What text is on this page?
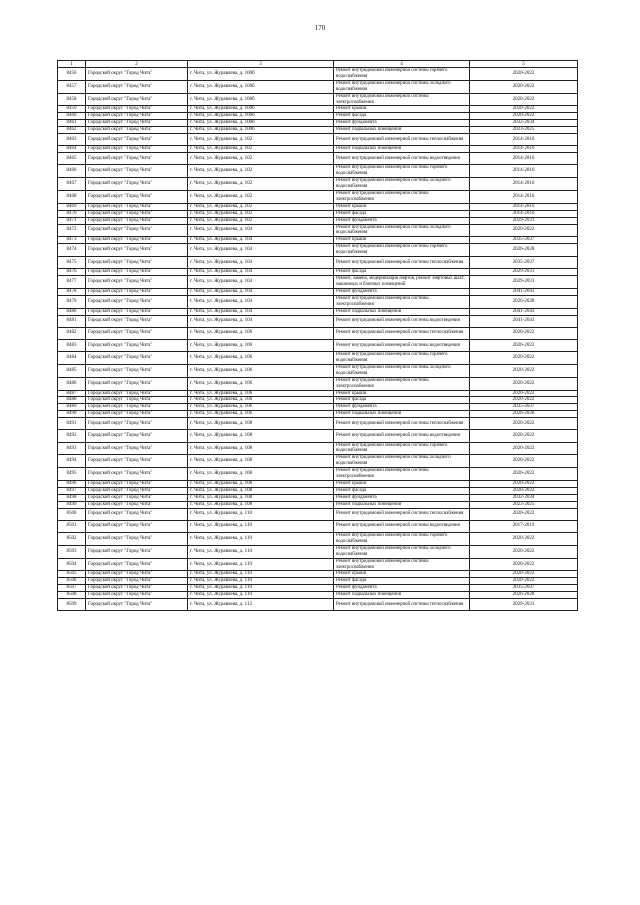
170
1	2	3	4	5
8456	Городской округ "Город Чита"	г. Чита, ул. Журавлева, д. 100б	Ремонт внутридомовой инженерной системы горячего водоснабжения	2020-2022
8457	Городской округ "Город Чита"	г. Чита, ул. Журавлева, д. 100б	Ремонт внутридомовой инженерной системы холодного водоснабжения	2020-2022
8458	Городской округ "Город Чита"	г. Чита, ул. Журавлева, д. 100б	Ремонт внутридомовой инженерной системы электроснабжения	2020-2022
8459	Городской округ "Город Чита"	г. Чита, ул. Журавлева, д. 100б	Ремонт крыши	2020-2022
8460	Городской округ "Город Чита"	г. Чита, ул. Журавлева, д. 100б	Ремонт фасада	2020-2022
8461	Городской округ "Город Чита"	г. Чита, ул. Журавлева, д. 100б	Ремонт фундамента	2032-2034
8462	Городской округ "Город Чита"	г. Чита, ул. Журавлева, д. 100б	Ремонт подвальных помещений	2023-2025
8463	Городской округ "Город Чита"	г. Чита, ул. Журавлева, д. 102	Ремонт внутридомовой инженерной системы теплоснабжения	2014-2016
8464	Городской округ "Город Чита"	г. Чита, ул. Журавлева, д. 102	Ремонт подвальных помещений	2014-2016
8465	Городской округ "Город Чита"	г. Чита, ул. Журавлева, д. 102	Ремонт внутридомовой инженерной системы водоотведения	2014-2016
8466	Городской округ "Город Чита"	г. Чита, ул. Журавлева, д. 102	Ремонт внутридомовой инженерной системы горячего водоснабжения	2014-2016
8467	Городской округ "Город Чита"	г. Чита, ул. Журавлева, д. 102	Ремонт внутридомовой инженерной системы холодного водоснабжения	2014-2016
8468	Городской округ "Город Чита"	г. Чита, ул. Журавлева, д. 102	Ремонт внутридомовой инженерной системы электроснабжения	2014-2016
8469	Городской округ "Город Чита"	г. Чита, ул. Журавлева, д. 102	Ремонт крыши	2014-2016
8470	Городской округ "Город Чита"	г. Чита, ул. Журавлева, д. 102	Ремонт фасада	2014-2016
8471	Городской округ "Город Чита"	г. Чита, ул. Журавлева, д. 102	Ремонт фундамента	2029-2031
8472	Городской округ "Город Чита"	г. Чита, ул. Журавлева, д. 104	Ремонт внутридомовой инженерной системы холодного водоснабжения	2020-2022
8473	Городской округ "Город Чита"	г. Чита, ул. Журавлева, д. 104	Ремонт крыши	2035-2037
8474	Городской округ "Город Чита"	г. Чита, ул. Журавлева, д. 104	Ремонт внутридомовой инженерной системы горячего водоснабжения	2026-2028
8475	Городской округ "Город Чита"	г. Чита, ул. Журавлева, д. 104	Ремонт внутридомовой инженерной системы теплоснабжения	2035-2037
8476	Городской округ "Город Чита"	г. Чита, ул. Журавлева, д. 104	Ремонт фасада	2029-2031
8477	Городской округ "Город Чита"	г. Чита, ул. Журавлева, д. 104	Ремонт, замена, модернизация лифтов, ремонт лифтовых шахт, машинных и блочных помещений	2029-2031
8478	Городской округ "Город Чита"	г. Чита, ул. Журавлева, д. 104	Ремонт фундамента	2041-2043
8479	Городской округ "Город Чита"	г. Чита, ул. Журавлева, д. 104	Ремонт внутридомовой инженерной системы электроснабжения	2026-2028
8480	Городской округ "Город Чита"	г. Чита, ул. Журавлева, д. 104	Ремонт подвальных помещений	2041-2043
8481	Городской округ "Город Чита"	г. Чита, ул. Журавлева, д. 104	Ремонт внутридомовой инженерной системы водоотведения	2041-2043
8482	Городской округ "Город Чита"	г. Чита, ул. Журавлева, д. 106	Ремонт внутридомовой инженерной системы теплоснабжения	2020-2022
8483	Городской округ "Город Чита"	г. Чита, ул. Журавлева, д. 106	Ремонт внутридомовой инженерной системы водоотведения	2020-2022
8484	Городской округ "Город Чита"	г. Чита, ул. Журавлева, д. 106	Ремонт внутридомовой инженерной системы горячего водоснабжения	2020-2022
8485	Городской округ "Город Чита"	г. Чита, ул. Журавлева, д. 106	Ремонт внутридомовой инженерной системы холодного водоснабжения	2020-2022
8486	Городской округ "Город Чита"	г. Чита, ул. Журавлева, д. 106	Ремонт внутридомовой инженерной системы электроснабжения	2020-2022
8487	Городской округ "Город Чита"	г. Чита, ул. Журавлева, д. 106	Ремонт крыши	2020-2022
8488	Городской округ "Город Чита"	г. Чита, ул. Журавлева, д. 106	Ремонт фасада	2020-2022
8489	Городской округ "Город Чита"	г. Чита, ул. Журавлева, д. 106	Ремонт фундамента	2035-2037
8490	Городской округ "Город Чита"	г. Чита, ул. Журавлева, д. 106	Ремонт подвальных помещений	2026-2028
8491	Городской округ "Город Чита"	г. Чита, ул. Журавлева, д. 108	Ремонт внутридомовой инженерной системы теплоснабжения	2020-2022
8492	Городской округ "Город Чита"	г. Чита, ул. Журавлева, д. 108	Ремонт внутридомовой инженерной системы водоотведения	2020-2022
8493	Городской округ "Город Чита"	г. Чита, ул. Журавлева, д. 108	Ремонт внутридомовой инженерной системы горячего водоснабжения	2020-2022
8494	Городской округ "Город Чита"	г. Чита, ул. Журавлева, д. 108	Ремонт внутридомовой инженерной системы холодного водоснабжения	2020-2022
8495	Городской округ "Город Чита"	г. Чита, ул. Журавлева, д. 108	Ремонт внутридомовой инженерной системы электроснабжения	2020-2022
8496	Городской округ "Город Чита"	г. Чита, ул. Журавлева, д. 108	Ремонт крыши	2020-2022
8497	Городской округ "Город Чита"	г. Чита, ул. Журавлева, д. 108	Ремонт фасада	2020-2022
8498	Городской округ "Город Чита"	г. Чита, ул. Журавлева, д. 108	Ремонт фундамента	2032-2034
8499	Городской округ "Город Чита"	г. Чита, ул. Журавлева, д. 108	Ремонт подвальных помещений	2023-2025
8500	Городской округ "Город Чита"	г. Чита, ул. Журавлева, д. 110	Ремонт внутридомовой инженерной системы теплоснабжения	2020-2022
8501	Городской округ "Город Чита"	г. Чита, ул. Журавлева, д. 110	Ремонт внутридомовой инженерной системы водоотведения	2017-2019
8502	Городской округ "Город Чита"	г. Чита, ул. Журавлева, д. 110	Ремонт внутридомовой инженерной системы горячего водоснабжения	2020-2022
8503	Городской округ "Город Чита"	г. Чита, ул. Журавлева, д. 110	Ремонт внутридомовой инженерной системы холодного водоснабжения	2020-2022
8504	Городской округ "Город Чита"	г. Чита, ул. Журавлева, д. 110	Ремонт внутридомовой инженерной системы электроснабжения	2020-2022
8505	Городской округ "Город Чита"	г. Чита, ул. Журавлева, д. 110	Ремонт крыши	2020-2022
8506	Городской округ "Город Чита"	г. Чита, ул. Журавлева, д. 110	Ремонт фасада	2020-2022
8507	Городской округ "Город Чита"	г. Чита, ул. Журавлева, д. 110	Ремонт фундамента	2035-2037
8508	Городской округ "Город Чита"	г. Чита, ул. Журавлева, д. 110	Ремонт подвальных помещений	2026-2028
8509	Городской округ "Город Чита"	г. Чита, ул. Журавлева, д. 112	Ремонт внутридомовой инженерной системы теплоснабжения	2029-2031
